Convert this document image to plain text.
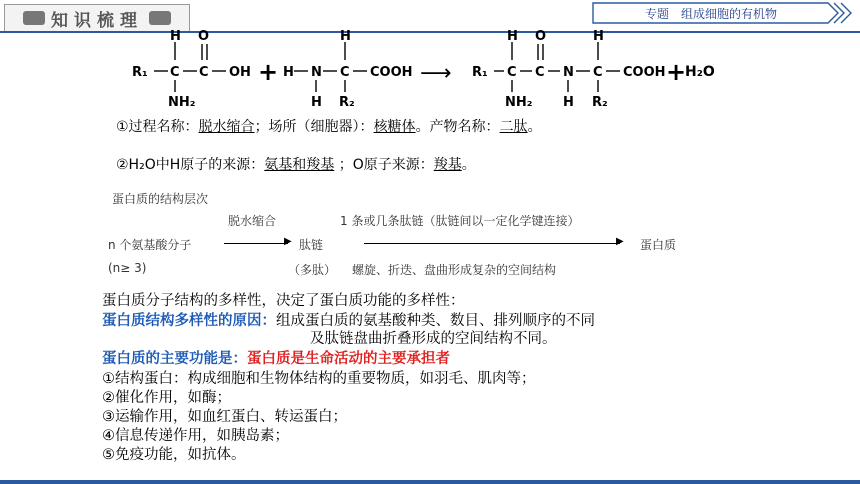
知识梳理	专题 组成细胞的有机物
R₁ C
H
NH₂
C
O
OH + H N
H
C
H
R₂
COOH ⟶ R₁ C
H
NH₂
C
O
N
H
C
H
R₂
COOH +
H₂O
①过程名称：脱水缩合；场所（细胞器）：核糖体。产物名称：二肽。
②H₂O中H原子的来源：氨基和羧基 ；O原子来源：羧基。
蛋白质的结构层次
脱水缩合	1 条或几条肽链（肽链间以一定化学键连接）
n 个氨基酸分子	▶ 肽链	▶ 蛋白质
(n≥ 3)	（多肽） 螺旋、折迭、盘曲形成复杂的空间结构
蛋白质分子结构的多样性，决定了蛋白质功能的多样性：
蛋白质结构多样性的原因：组成蛋白质的氨基酸种类、数目、排列顺序的不同
及肽链盘曲折叠形成的空间结构不同。
蛋白质的主要功能是：蛋白质是生命活动的主要承担者
①结构蛋白：构成细胞和生物体结构的重要物质，如羽毛、肌肉等；
②催化作用，如酶；
③运输作用，如血红蛋白、转运蛋白；
④信息传递作用，如胰岛素；
⑤免疫功能，如抗体。
